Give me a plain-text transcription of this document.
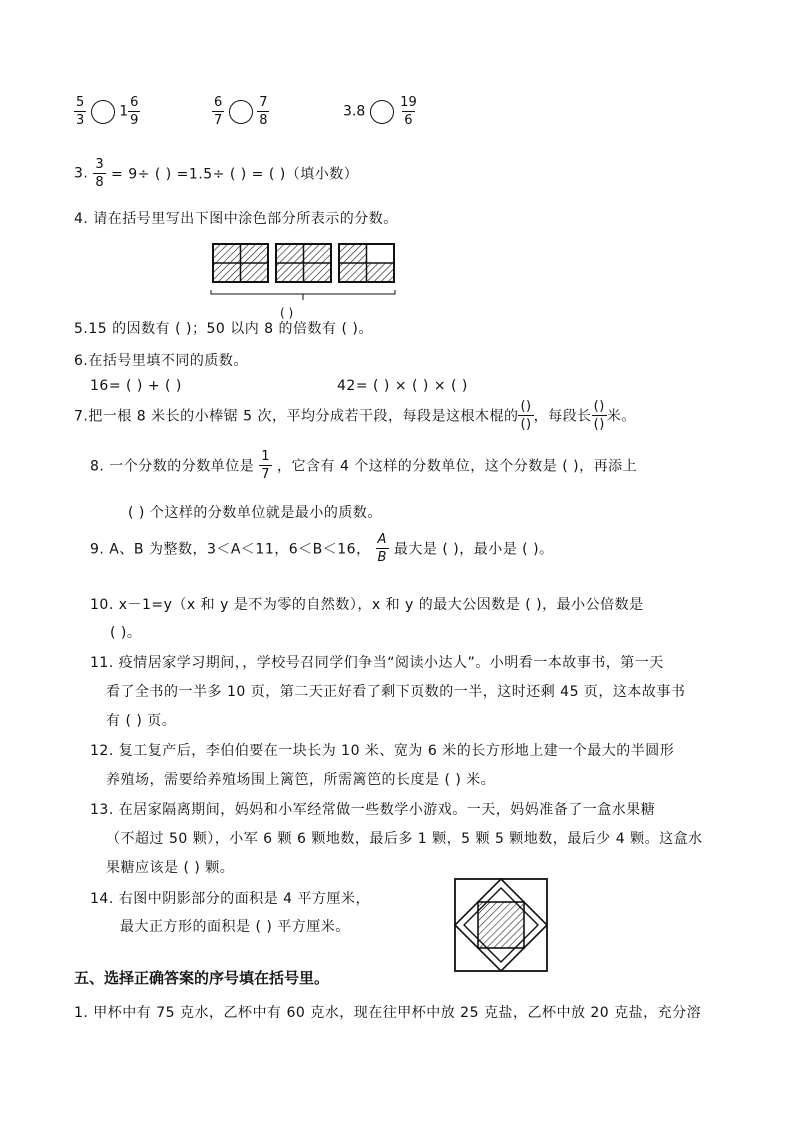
$\frac{5}{3} 1 \frac{6}{9}$	$\frac{6}{7}$
	$\frac{7}{8}$	3.8	$\frac{19}{6}$
3. $\frac{3}{8} = 9\div$ ( ) =1.5÷ ( ) = ( )（填小数）
4. 请在括号里写出下图中涂色部分所表示的分数。
( )
5.15 的因数有 ( )；50 以内 8 的倍数有 ( )。
6.在括号里填不同的质数。
16= ( ) + ( )	42= ( ) × ( ) × ( )
7.把一根 8 米长的小棒锯 5 次，平均分成若干段，每段是这根木棍的 $\frac{()}{()}$ ，每段长 $\frac{()}{()}$ 米。
8. 一个分数的分数单位是 $\frac{1}{7}$ ，它含有 4 个这样的分数单位，这个分数是 ( )，再添上
( ) 个这样的分数单位就是最小的质数。
9. A、B 为整数，3＜A＜11，6＜B＜16， $\frac{A}{B}$ 最大是 ( )，最小是 ( )。
10. x－1=y（x 和 y 是不为零的自然数），x 和 y 的最大公因数是 ( )，最小公倍数是
( )。
11. 疫情居家学习期间，，学校号召同学们争当“阅读小达人”。小明看一本故事书，第一天
看了全书的一半多 10 页，第二天正好看了剩下页数的一半，这时还剩 45 页，这本故事书
有 ( ) 页。
12. 复工复产后，李伯伯要在一块长为 10 米、宽为 6 米的长方形地上建一个最大的半圆形
养殖场，需要给养殖场围上篱笆，所需篱笆的长度是 ( ) 米。
13. 在居家隔离期间，妈妈和小军经常做一些数学小游戏。一天，妈妈准备了一盒水果糖
（不超过 50 颗），小军 6 颗 6 颗地数，最后多 1 颗，5 颗 5 颗地数，最后少 4 颗。这盒水
果糖应该是 ( ) 颗。
14. 右图中阴影部分的面积是 4 平方厘米，
最大正方形的面积是 ( ) 平方厘米。
五、选择正确答案的序号填在括号里。
1. 甲杯中有 75 克水，乙杯中有 60 克水，现在往甲杯中放 25 克盐，乙杯中放 20 克盐，充分溶
